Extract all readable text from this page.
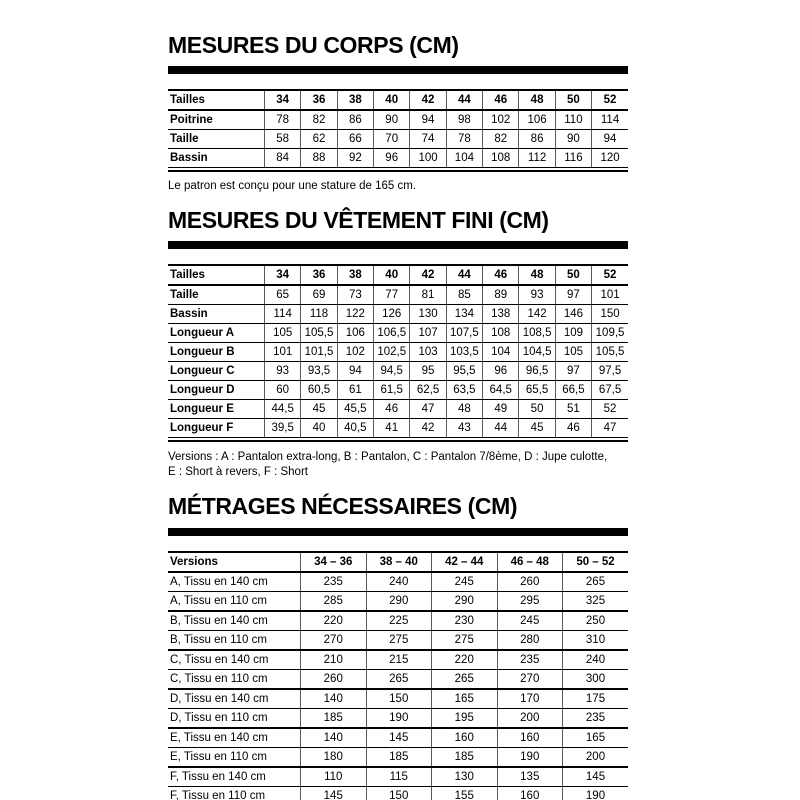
MESURES DU CORPS (CM)
Tailles	34	36	38	40	42	44	46	48	50	52
Poitrine	78	82	86	90	94	98	102	106	110	114
Taille	58	62	66	70	74	78	82	86	90	94
Bassin	84	88	92	96	100	104	108	112	116	120

Le patron est conçu pour une stature de 165 cm.

MESURES DU VÊTEMENT FINI (CM)
Tailles	34	36	38	40	42	44	46	48	50	52
Taille	65	69	73	77	81	85	89	93	97	101
Bassin	114	118	122	126	130	134	138	142	146	150
Longueur A	105	105,5	106	106,5	107	107,5	108	108,5	109	109,5
Longueur B	101	101,5	102	102,5	103	103,5	104	104,5	105	105,5
Longueur C	93	93,5	94	94,5	95	95,5	96	96,5	97	97,5
Longueur D	60	60,5	61	61,5	62,5	63,5	64,5	65,5	66,5	67,5
Longueur E	44,5	45	45,5	46	47	48	49	50	51	52
Longueur F	39,5	40	40,5	41	42	43	44	45	46	47

Versions : A : Pantalon extra-long, B : Pantalon, C : Pantalon 7/8ème, D : Jupe culotte,
E : Short à revers, F : Short

MÉTRAGES NÉCESSAIRES (CM)
Versions	34 – 36	38 – 40	42 – 44	46 – 48	50 – 52
A, Tissu en 140 cm	235	240	245	260	265
A, Tissu en 110 cm	285	290	290	295	325
B, Tissu en 140 cm	220	225	230	245	250
B, Tissu en 110 cm	270	275	275	280	310
C, Tissu en 140 cm	210	215	220	235	240
C, Tissu en 110 cm	260	265	265	270	300
D, Tissu en 140 cm	140	150	165	170	175
D, Tissu en 110 cm	185	190	195	200	235
E, Tissu en 140 cm	140	145	160	160	165
E, Tissu en 110 cm	180	185	185	190	200
F, Tissu en 140 cm	110	115	130	135	145
F, Tissu en 110 cm	145	150	155	160	190
